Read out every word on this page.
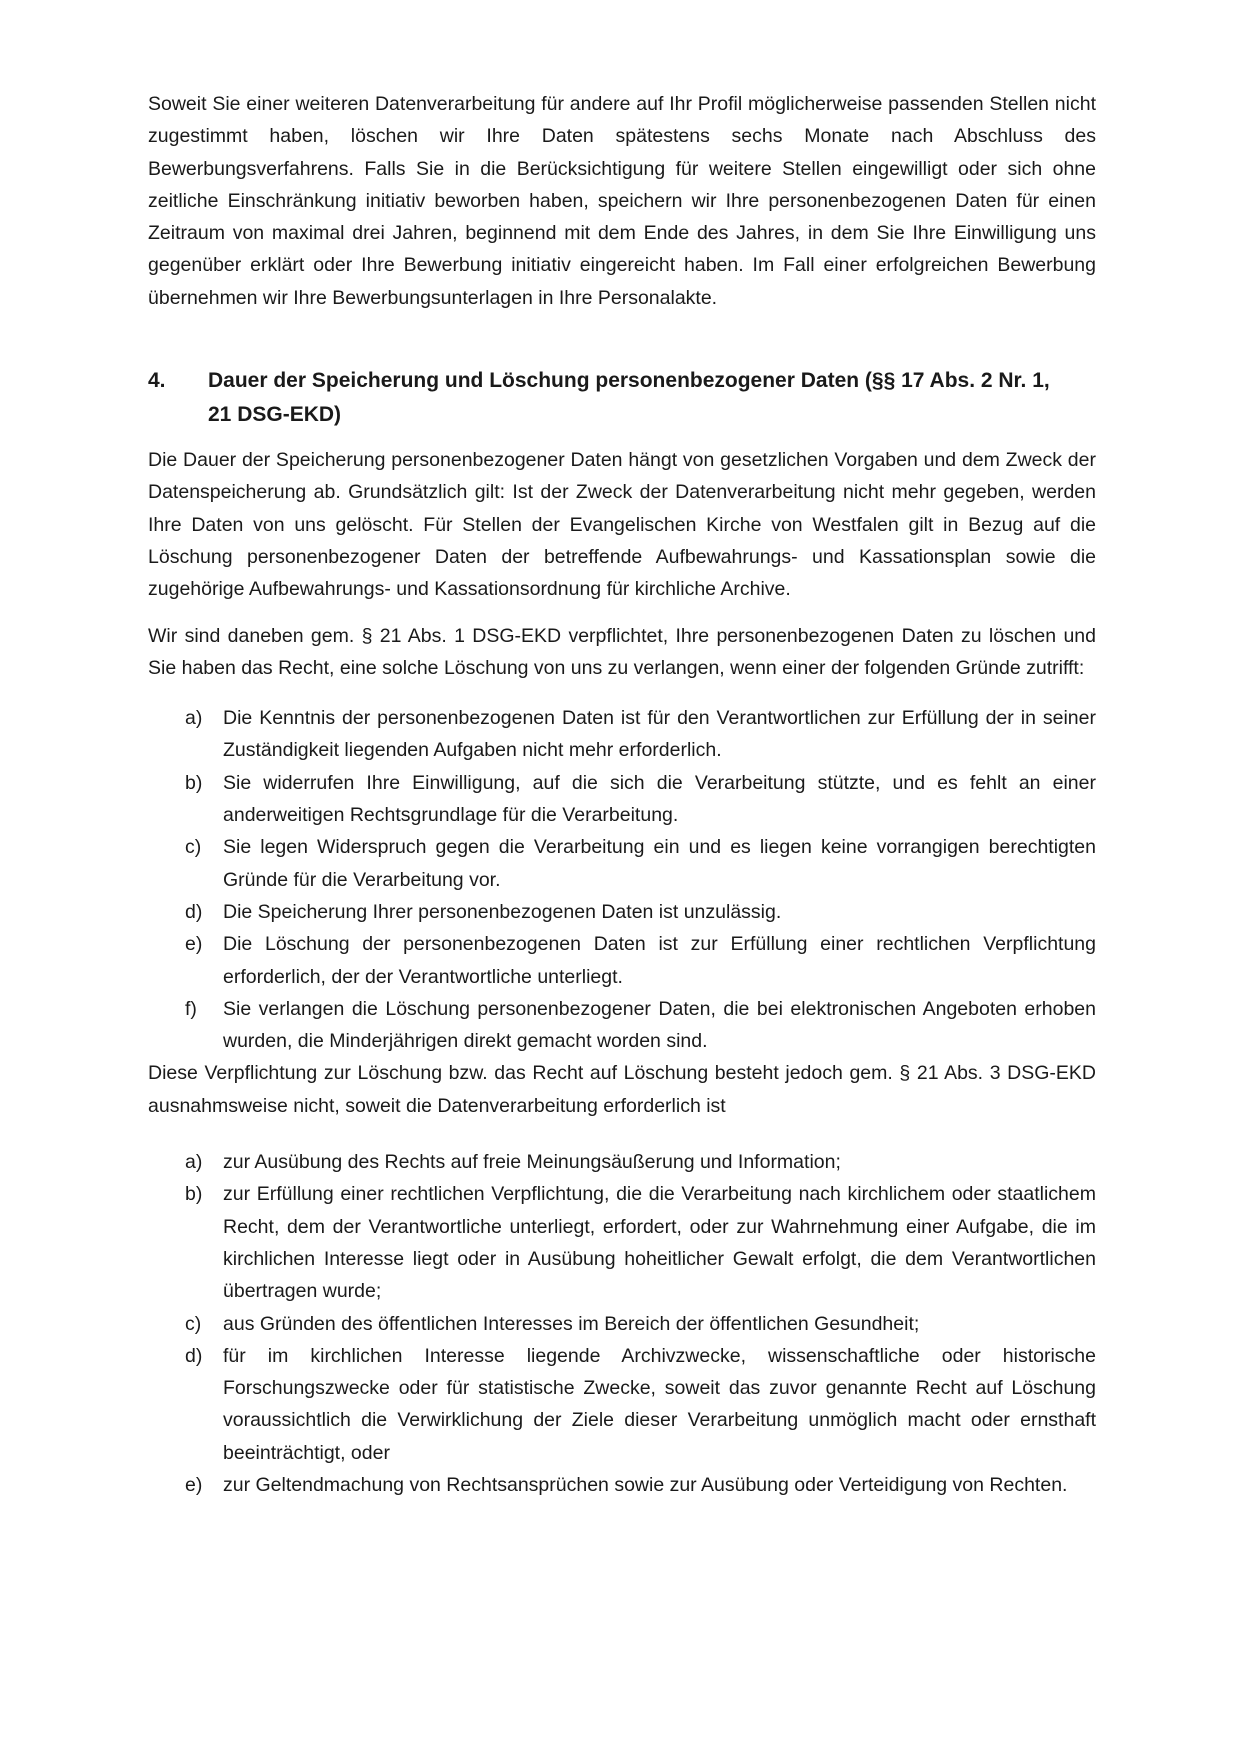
Soweit Sie einer weiteren Datenverarbeitung für andere auf Ihr Profil möglicherweise passenden Stellen nicht zugestimmt haben, löschen wir Ihre Daten spätestens sechs Monate nach Abschluss des Bewerbungsverfahrens. Falls Sie in die Berücksichtigung für weitere Stellen eingewilligt oder sich ohne zeitliche Einschränkung initiativ beworben haben, speichern wir Ihre personenbezogenen Daten für einen Zeitraum von maximal drei Jahren, beginnend mit dem Ende des Jahres, in dem Sie Ihre Einwilligung uns gegenüber erklärt oder Ihre Bewerbung initiativ eingereicht haben. Im Fall einer erfolgreichen Bewerbung übernehmen wir Ihre Bewerbungsunterlagen in Ihre Personalakte.

4.	Dauer der Speicherung und Löschung personenbezogener Daten (§§ 17 Abs. 2 Nr. 1, 21 DSG-EKD)

Die Dauer der Speicherung personenbezogener Daten hängt von gesetzlichen Vorgaben und dem Zweck der Datenspeicherung ab. Grundsätzlich gilt: Ist der Zweck der Datenverarbeitung nicht mehr gegeben, werden Ihre Daten von uns gelöscht. Für Stellen der Evangelischen Kirche von Westfalen gilt in Bezug auf die Löschung personenbezogener Daten der betreffende Aufbewahrungs- und Kassationsplan sowie die zugehörige Aufbewahrungs- und Kassationsordnung für kirchliche Archive.

Wir sind daneben gem. § 21 Abs. 1 DSG-EKD verpflichtet, Ihre personenbezogenen Daten zu löschen und Sie haben das Recht, eine solche Löschung von uns zu verlangen, wenn einer der folgenden Gründe zutrifft:

a)	Die Kenntnis der personenbezogenen Daten ist für den Verantwortlichen zur Erfüllung der in seiner Zuständigkeit liegenden Aufgaben nicht mehr erforderlich.
b)	Sie widerrufen Ihre Einwilligung, auf die sich die Verarbeitung stützte, und es fehlt an einer anderweitigen Rechtsgrundlage für die Verarbeitung.
c)	Sie legen Widerspruch gegen die Verarbeitung ein und es liegen keine vorrangigen berechtigten Gründe für die Verarbeitung vor.
d)	Die Speicherung Ihrer personenbezogenen Daten ist unzulässig.
e)	Die Löschung der personenbezogenen Daten ist zur Erfüllung einer rechtlichen Verpflichtung erforderlich, der der Verantwortliche unterliegt.
f)	Sie verlangen die Löschung personenbezogener Daten, die bei elektronischen Angeboten erhoben wurden, die Minderjährigen direkt gemacht worden sind.

Diese Verpflichtung zur Löschung bzw. das Recht auf Löschung besteht jedoch gem. § 21 Abs. 3 DSG-EKD ausnahmsweise nicht, soweit die Datenverarbeitung erforderlich ist

a)	zur Ausübung des Rechts auf freie Meinungsäußerung und Information;
b)	zur Erfüllung einer rechtlichen Verpflichtung, die die Verarbeitung nach kirchlichem oder staatlichem Recht, dem der Verantwortliche unterliegt, erfordert, oder zur Wahrnehmung einer Aufgabe, die im kirchlichen Interesse liegt oder in Ausübung hoheitlicher Gewalt erfolgt, die dem Verantwortlichen übertragen wurde;
c)	aus Gründen des öffentlichen Interesses im Bereich der öffentlichen Gesundheit;
d)	für im kirchlichen Interesse liegende Archivzwecke, wissenschaftliche oder historische Forschungszwecke oder für statistische Zwecke, soweit das zuvor genannte Recht auf Löschung voraussichtlich die Verwirklichung der Ziele dieser Verarbeitung unmöglich macht oder ernsthaft beeinträchtigt, oder
e)	zur Geltendmachung von Rechtsansprüchen sowie zur Ausübung oder Verteidigung von Rechten.
